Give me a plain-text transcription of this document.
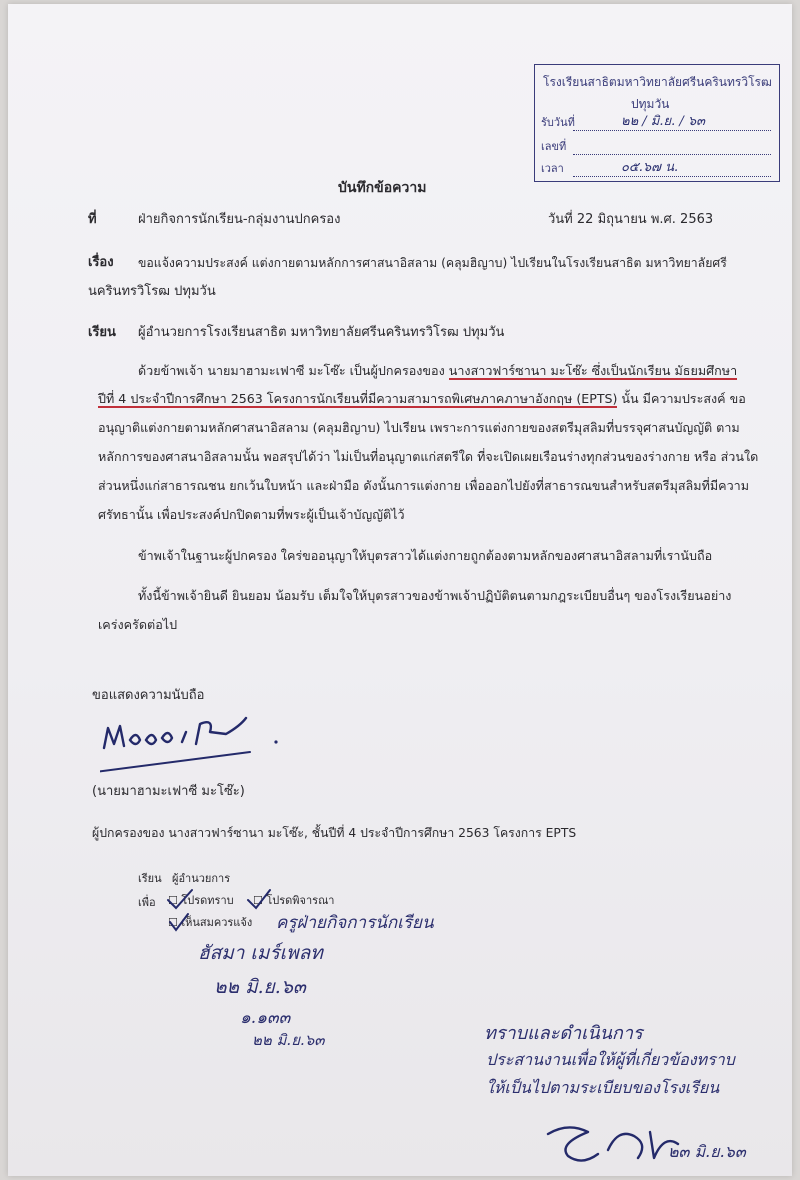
โรงเรียนสาธิตมหาวิทยาลัยศรีนครินทรวิโรฒ
ปทุมวัน
รับวันที่	๒๒ / มิ.ย. / ๖๓
เลขที่
เวลา	๐๕.๖๗ น.
บันทึกข้อความ
ที่	ฝ่ายกิจการนักเรียน-กลุ่มงานปกครอง	วันที่ 22 มิถุนายน พ.ศ. 2563
เรื่อง ขอแจ้งความประสงค์ แต่งกายตามหลักการศาสนาอิสลาม (คลุมฮิญาบ) ไปเรียนในโรงเรียนสาธิต มหาวิทยาลัยศรี
นครินทรวิโรฒ ปทุมวัน
เรียน ผู้อำนวยการโรงเรียนสาธิต มหาวิทยาลัยศรีนครินทรวิโรฒ ปทุมวัน
ด้วยข้าพเจ้า นายมาฮามะเฟาซี มะโซ๊ะ เป็นผู้ปกครองของ นางสาวฟาร์ซานา มะโซ๊ะ ซึ่งเป็นนักเรียน มัธยมศึกษา
ปีที่ 4 ประจำปีการศึกษา 2563 โครงการนักเรียนที่มีความสามารถพิเศษภาคภาษาอังกฤษ (EPTS) นั้น มีความประสงค์ ขอ
อนุญาติแต่งกายตามหลักศาสนาอิสลาม (คลุมฮิญาบ) ไปเรียน เพราะการแต่งกายของสตรีมุสลิมที่บรรจุศาสนบัญญัติ ตาม
หลักการของศาสนาอิสลามนั้น พอสรุปได้ว่า ไม่เป็นที่อนุญาตแก่สตรีใด ที่จะเปิดเผยเรือนร่างทุกส่วนของร่างกาย หรือ ส่วนใด
ส่วนหนึ่งแก่สาธารณชน ยกเว้นใบหน้า และฝ่ามือ ดังนั้นการแต่งกาย เพื่อออกไปยังที่สาธารณขนสำหรับสตรีมุสลิมที่มีความ
ศรัทธานั้น เพื่อประสงค์ปกปิดตามที่พระผู้เป็นเจ้าบัญญัติไว้
ข้าพเจ้าในฐานะผู้ปกครอง ใคร่ขออนุญาให้บุตรสาวได้แต่งกายถูกต้องตามหลักของศาสนาอิสลามที่เรานับถือ
ทั้งนี้ข้าพเจ้ายินดี ยินยอม น้อมรับ เต็มใจให้บุตรสาวของข้าพเจ้าปฏิบัติตนตามกฎระเบียบอื่นๆ ของโรงเรียนอย่าง
เคร่งครัดต่อไป
ขอแสดงความนับถือ
(นายมาฮามะเฟาซี มะโซ๊ะ)
ผู้ปกครองของ นางสาวฟาร์ซานา มะโซ๊ะ, ชั้นปีที่ 4 ประจำปีการศึกษา 2563 โครงการ EPTS
เรียน ผู้อำนวยการ
เพื่อ ☐ โปรดทราบ ☐ โปรดพิจารณา
☐ เห็นสมควรแจ้ง ครูฝ่ายกิจการนักเรียน
ฮัสมา เมร์เพลท
๒๒ มิ.ย.๖๓
๑.๑๓๓
๒๒ มิ.ย.๖๓	ทราบและดำเนินการ
ประสานงานเพื่อให้ผู้ที่เกี่ยวข้องทราบ
ให้เป็นไปตามระเบียบของโรงเรียน
๒๓ มิ.ย.๖๓
